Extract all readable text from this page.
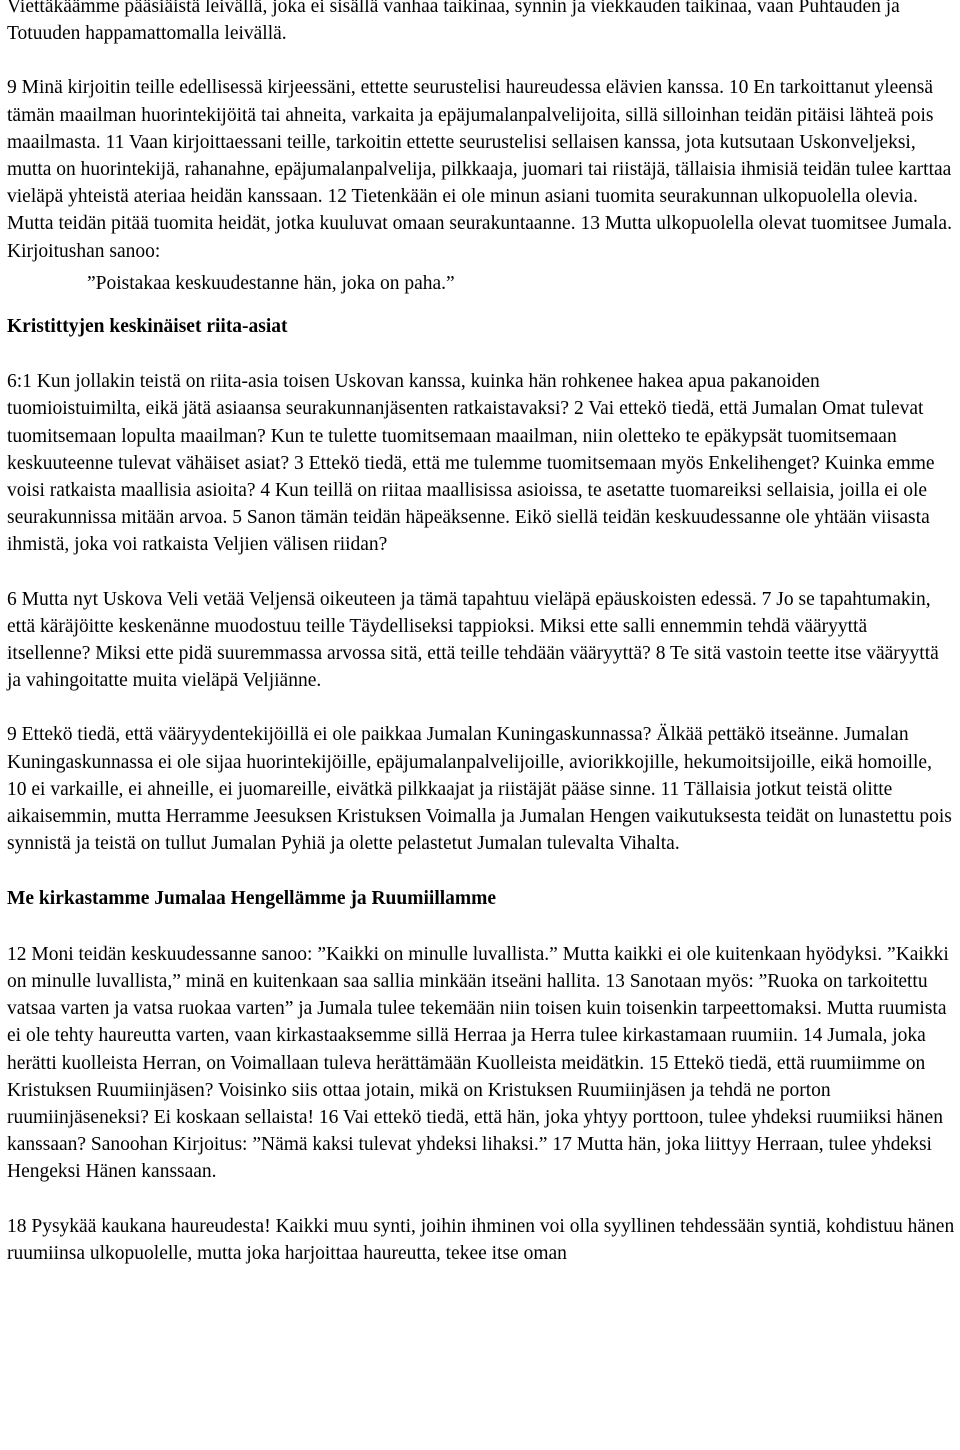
Viettäkäämme pääsiäistä leivällä, joka ei sisällä vanhaa taikinaa, synnin ja viekkauden taikinaa, vaan Puhtauden ja Totuuden happamattomalla leivällä.

9 Minä kirjoitin teille edellisessä kirjeessäni, ettette seurustelisi haureudessa elävien kanssa. 10 En tarkoittanut yleensä tämän maailman huorintekijöitä tai ahneita, varkaita ja epäjumalanpalvelijoita, sillä silloinhan teidän pitäisi lähteä pois maailmasta. 11 Vaan kirjoittaessani teille, tarkoitin ettette seurustelisi sellaisen kanssa, jota kutsutaan Uskonveljeksi, mutta on huorintekijä, rahanahne, epäjumalanpalvelija, pilkkaaja, juomari tai riistäjä, tällaisia ihmisiä teidän tulee karttaa vieläpä yhteistä ateriaa heidän kanssaan. 12 Tietenkään ei ole minun asiani tuomita seurakunnan ulkopuolella olevia. Mutta teidän pitää tuomita heidät, jotka kuuluvat omaan seurakuntaanne. 13 Mutta ulkopuolella olevat tuomitsee Jumala. Kirjoitushan sanoo:

”Poistakaa keskuudestanne hän, joka on paha.”

Kristittyjen keskinäiset riita-asiat

6:1 Kun jollakin teistä on riita-asia toisen Uskovan kanssa, kuinka hän rohkenee hakea apua pakanoiden tuomioistuimilta, eikä jätä asiaansa seurakunnanjäsenten ratkaistavaksi? 2 Vai ettekö tiedä, että Jumalan Omat tulevat tuomitsemaan lopulta maailman? Kun te tulette tuomitsemaan maailman, niin oletteko te epäkypsät tuomitsemaan keskuuteenne tulevat vähäiset asiat? 3 Ettekö tiedä, että me tulemme tuomitsemaan myös Enkelihenget? Kuinka emme voisi ratkaista maallisia asioita? 4 Kun teillä on riitaa maallisissa asioissa, te asetatte tuomareiksi sellaisia, joilla ei ole seurakunnissa mitään arvoa. 5 Sanon tämän teidän häpeäksenne. Eikö siellä teidän keskuudessanne ole yhtään viisasta ihmistä, joka voi ratkaista Veljien välisen riidan?

6 Mutta nyt Uskova Veli vetää Veljensä oikeuteen ja tämä tapahtuu vieläpä epäuskoisten edessä. 7 Jo se tapahtumakin, että käräjöitte keskenänne muodostuu teille Täydelliseksi tappioksi. Miksi ette salli ennemmin tehdä vääryyttä itsellenne? Miksi ette pidä suuremmassa arvossa sitä, että teille tehdään vääryyttä? 8 Te sitä vastoin teette itse vääryyttä ja vahingoitatte muita vieläpä Veljiänne.

9 Ettekö tiedä, että vääryydentekijöillä ei ole paikkaa Jumalan Kuningaskunnassa? Älkää pettäkö itseänne. Jumalan Kuningaskunnassa ei ole sijaa huorintekijöille, epäjumalanpalvelijoille, aviorikkojille, hekumoitsijoille, eikä homoille, 10 ei varkaille, ei ahneille, ei juomareille, eivätkä pilkkaajat ja riistäjät pääse sinne. 11 Tällaisia jotkut teistä olitte aikaisemmin, mutta Herramme Jeesuksen Kristuksen Voimalla ja Jumalan Hengen vaikutuksesta teidät on lunastettu pois synnistä ja teistä on tullut Jumalan Pyhiä ja olette pelastetut Jumalan tulevalta Vihalta.

Me kirkastamme Jumalaa Hengellämme ja Ruumiillamme

12 Moni teidän keskuudessanne sanoo: ”Kaikki on minulle luvallista.” Mutta kaikki ei ole kuitenkaan hyödyksi. ”Kaikki on minulle luvallista,” minä en kuitenkaan saa sallia minkään itseäni hallita. 13 Sanotaan myös: ”Ruoka on tarkoitettu vatsaa varten ja vatsa ruokaa varten” ja Jumala tulee tekemään niin toisen kuin toisenkin tarpeettomaksi. Mutta ruumista ei ole tehty haureutta varten, vaan kirkastaaksemme sillä Herraa ja Herra tulee kirkastamaan ruumiin. 14 Jumala, joka herätti kuolleista Herran, on Voimallaan tuleva herättämään Kuolleista meidätkin. 15 Ettekö tiedä, että ruumiimme on Kristuksen Ruumiinjäsen? Voisinko siis ottaa jotain, mikä on Kristuksen Ruumiinjäsen ja tehdä ne porton ruumiinjäseneksi? Ei koskaan sellaista! 16 Vai ettekö tiedä, että hän, joka yhtyy porttoon, tulee yhdeksi ruumiiksi hänen kanssaan? Sanoohan Kirjoitus: ”Nämä kaksi tulevat yhdeksi lihaksi.” 17 Mutta hän, joka liittyy Herraan, tulee yhdeksi Hengeksi Hänen kanssaan.

18 Pysykää kaukana haureudesta! Kaikki muu synti, joihin ihminen voi olla syyllinen tehdessään syntiä, kohdistuu hänen ruumiinsa ulkopuolelle, mutta joka harjoittaa haureutta, tekee itse oman
